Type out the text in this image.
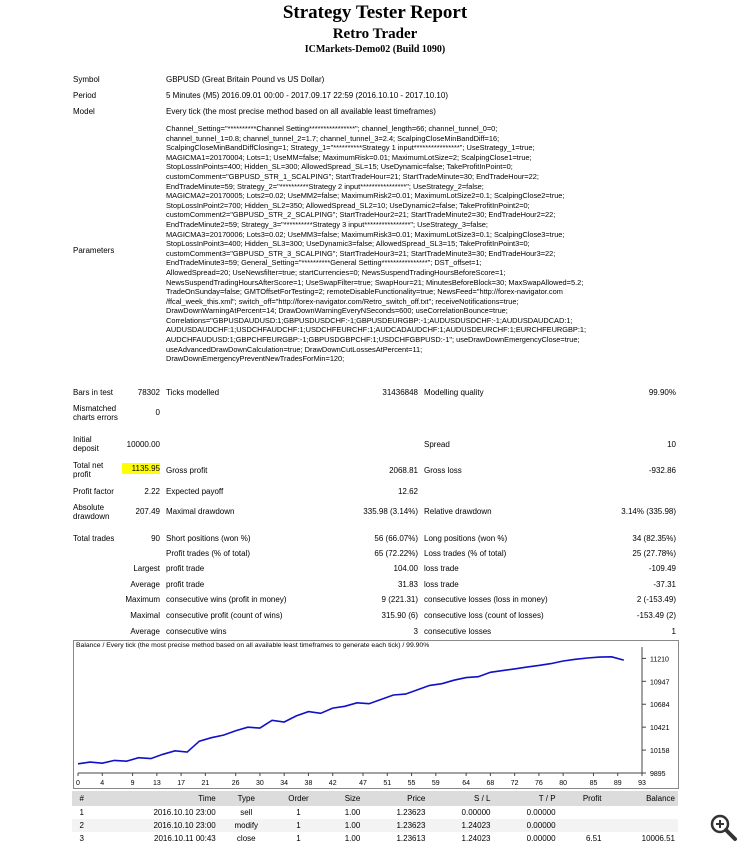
Strategy Tester Report
Retro Trader
ICMarkets-Demo02 (Build 1090)
Symbol	GBPUSD (Great Britain Pound vs US Dollar)
Period	5 Minutes (M5) 2016.09.01 00:00 - 2017.09.17 22:59 (2016.10.10 - 2017.10.10)
Model	Every tick (the most precise method based on all available least timeframes)
Parameters
Channel_Setting="**********Channel Setting****************"; channel_length=66; channel_tunnel_0=0;
channel_tunnel_1=0.8; channel_tunnel_2=1.7; channel_tunnel_3=2.4; ScalpingCloseMinBandDiff=16;
ScalpingCloseMinBandDiffClosing=1; Strategy_1="**********Strategy 1 input****************"; UseStrategy_1=true;
MAGICMA1=20170004; Lots=1; UseMM=false; MaximumRisk=0.01; MaximumLotSize=2; ScalpingClose1=true;
StopLossInPoints=400; Hidden_SL=300; AllowedSpread_SL=15; UseDynamic=false; TakeProfitInPoint=0;
customComment="GBPUSD_STR_1_SCALPING"; StartTradeHour=21; StartTradeMinute=30; EndTradeHour=22;
EndTradeMinute=59; Strategy_2="**********Strategy 2 input****************"; UseStrategy_2=false;
MAGICMA2=20170005; Lots2=0.02; UseMM2=false; MaximumRisk2=0.01; MaximumLotSize2=0.1; ScalpingClose2=true;
StopLossInPoint2=700; Hidden_SL2=350; AllowedSpread_SL2=10; UseDynamic2=false; TakeProfitInPoint2=0;
customComment2="GBPUSD_STR_2_SCALPING"; StartTradeHour2=21; StartTradeMinute2=30; EndTradeHour2=22;
EndTradeMinute2=59; Strategy_3="**********Strategy 3 input****************"; UseStrategy_3=false;
MAGICMA3=20170006; Lots3=0.02; UseMM3=false; MaximumRisk3=0.01; MaximumLotSize3=0.1; ScalpingClose3=true;
StopLossInPoint3=400; Hidden_SL3=300; UseDynamic3=false; AllowedSpread_SL3=15; TakeProfitInPoint3=0;
customComment3="GBPUSD_STR_3_SCALPING"; StartTradeHour3=21; StartTradeMinute3=30; EndTradeHour3=22;
EndTradeMinute3=59; General_Setting="**********General Setting****************"; DST_offset=1;
AllowedSpread=20; UseNewsfilter=true; startCurrencies=0; NewsSuspendTradingHoursBeforeScore=1;
NewsSuspendTradingHoursAfterScore=1; UseSwapFilter=true; SwapHour=21; MinutesBeforeBlock=30; MaxSwapAllowed=5.2;
TradeOnSunday=false; GMTOffsetForTesting=2; remoteDisableFunctionality=true; NewsFeed="http://forex-navigator.com
/ffcal_week_this.xml"; switch_off="http://forex-navigator.com/Retro_switch_off.txt"; receiveNotifications=true;
DrawDownWarningAtPercent=14; DrawDownWarningEveryNSeconds=600; useCorrelationBounce=true;
Correlations="GBPUSDAUDUSD:1;GBPUSDUSDCHF:-1;GBPUSDEURGBP:-1;AUDUSDUSDCHF:-1;AUDUSDAUDCAD:1;
AUDUSDAUDCHF:1;USDCHFAUDCHF:1;USDCHFEURCHF:1;AUDCADAUDCHF:1;AUDUSDEURCHF:1;EURCHFEURGBP:1;
AUDCHFAUDUSD:1;GBPCHFEURGBP:-1;GBPUSDGBPCHF:1;USDCHFGBPUSD:-1"; useDrawDownEmergencyClose=true;
useAdvancedDrawDownCalculation=true; DrawDownCutLossesAtPercent=11;
DrawDownEmergencyPreventNewTradesForMin=120;
Bars in test	78302 Ticks modelled	31436848 Modelling quality	99.90%
Mismatched
charts errors
0
Initial
deposit	10000.00	Spread	10
Total net
profit
1135.95 Gross profit	2068.81 Gross loss	-932.86
Profit factor	2.22 Expected payoff	12.62
Absolute
drawdown
207.49 Maximal drawdown	335.98 (3.14%) Relative drawdown	3.14% (335.98)
Total trades	90 Short positions (won %)	56 (66.07%) Long positions (won %)	34 (82.35%)
Profit trades (% of total)	65 (72.22%) Loss trades (% of total)	25 (27.78%)
Largest profit trade	104.00 loss trade	-109.49
Average profit trade	31.83 loss trade	-37.31
Maximum consecutive wins (profit in money)	9 (221.31) consecutive losses (loss in money)	2 (-153.49)
Maximal consecutive profit (count of wins)	315.90 (6) consecutive loss (count of losses)	-153.49 (2)
Average consecutive wins	3 consecutive losses	1
11210
10947
10684
10421
10158
9895
0	4	9	13 17 21	26 30 34 38 42	47 51 55 59	64 68 72 76 80	85 89 93
Balance / Every tick (the most precise method based on all available least timeframes to generate each tick) / 99.90%
#	Time	Type	Order	Size	Price	S / L	T / P	Profit	Balance
1	2016.10.10 23:00	sell	1	1.00	1.23623	0.00000	0.00000		
2	2016.10.10 23:00	modify	1	1.00	1.23623	1.24023	0.00000		
3	2016.10.11 00:43	close	1	1.00	1.23613	1.24023	0.00000	6.51	10006.51
